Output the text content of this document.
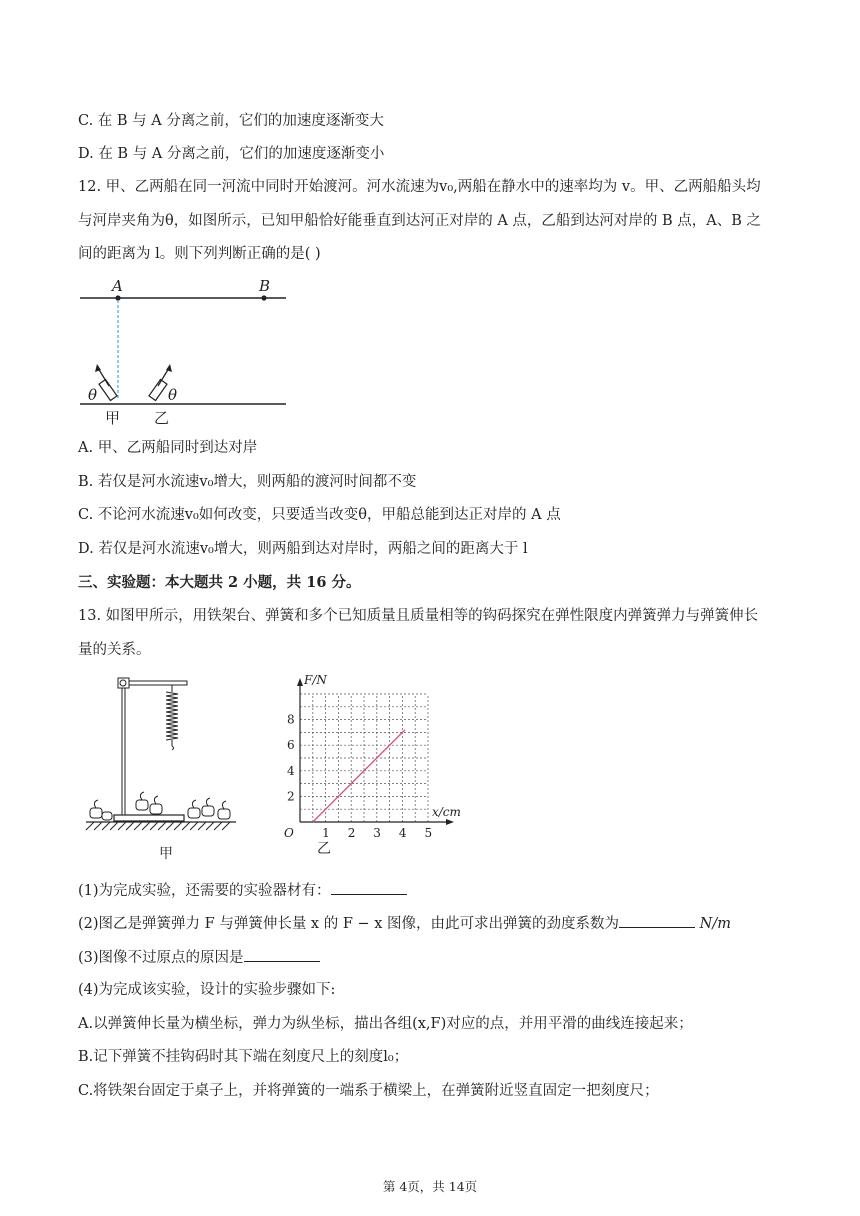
C. 在 B 与 A 分离之前，它们的加速度逐渐变大
D. 在 B 与 A 分离之前，它们的加速度逐渐变小
12. 甲、乙两船在同一河流中同时开始渡河。河水流速为v₀,两船在静水中的速率均为 v。甲、乙两船船头均
与河岸夹角为θ，如图所示，已知甲船恰好能垂直到达河正对岸的 A 点，乙船到达河对岸的 B 点，A、B 之
间的距离为 l。则下列判断正确的是( )
A	B
θ	θ
甲 乙
A. 甲、乙两船同时到达对岸
B. 若仅是河水流速v₀增大，则两船的渡河时间都不变
C. 不论河水流速v₀如何改变，只要适当改变θ，甲船总能到达正对岸的 A 点
D. 若仅是河水流速v₀增大，则两船到达对岸时，两船之间的距离大于 l
三、实验题：本大题共 2 小题，共 16 分。
13. 如图甲所示，用铁架台、弹簧和多个已知质量且质量相等的钩码探究在弹性限度内弹簧弹力与弹簧伸长
量的关系。
甲
F/N
x/cm
O 1 2 3 4 5
2
4
6
8
乙
(1)为完成实验，还需要的实验器材有：
(2)图乙是弹簧弹力 F 与弹簧伸长量 x 的 F − x 图像，由此可求出弹簧的劲度系数为	N/m
(3)图像不过原点的原因是
(4)为完成该实验，设计的实验步骤如下:
A.以弹簧伸长量为横坐标，弹力为纵坐标，描出各组(x,F)对应的点，并用平滑的曲线连接起来；
B.记下弹簧不挂钩码时其下端在刻度尺上的刻度l₀；
C.将铁架台固定于桌子上，并将弹簧的一端系于横梁上，在弹簧附近竖直固定一把刻度尺；
第 4页，共 14页
